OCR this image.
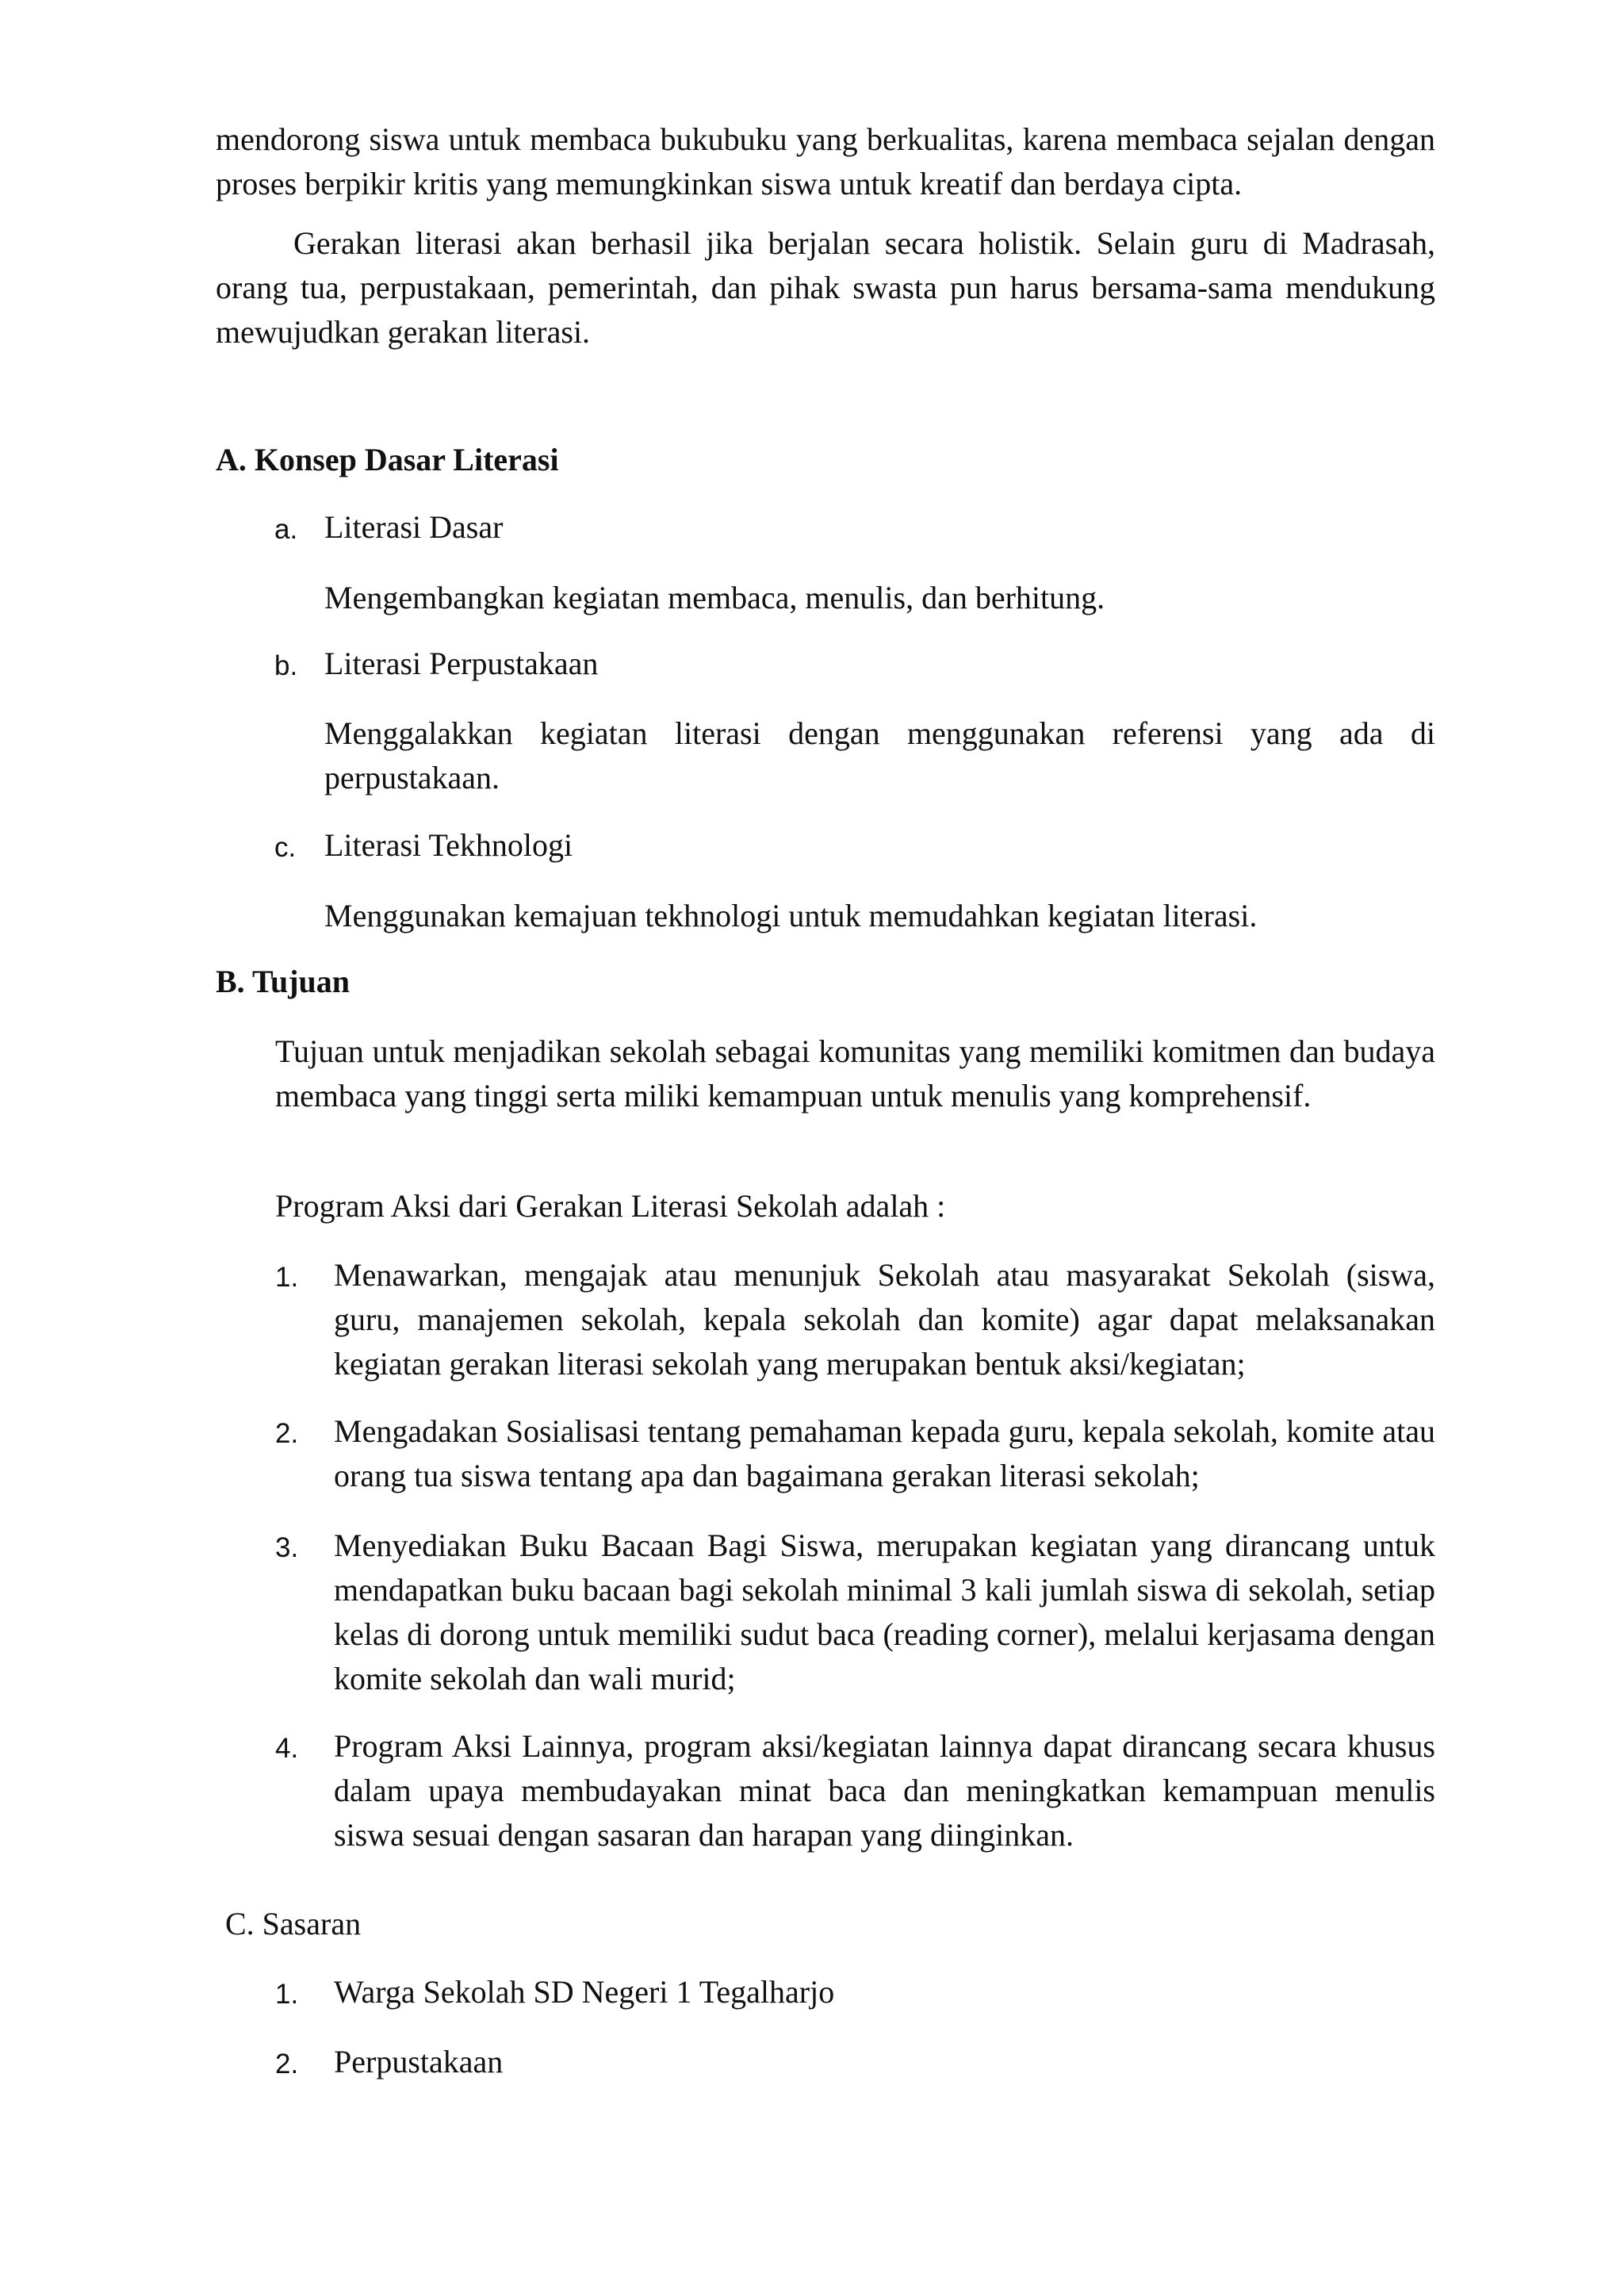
mendorong siswa untuk membaca bukubuku yang berkualitas, karena membaca sejalan dengan proses berpikir kritis yang memungkinkan siswa untuk kreatif dan berdaya cipta.

Gerakan literasi akan berhasil jika berjalan secara holistik. Selain guru di Madrasah, orang tua, perpustakaan, pemerintah, dan pihak swasta pun harus bersama-sama mendukung mewujudkan gerakan literasi.

A. Konsep Dasar Literasi

a. Literasi Dasar

Mengembangkan kegiatan membaca, menulis, dan berhitung.

b. Literasi Perpustakaan

Menggalakkan kegiatan literasi dengan menggunakan referensi yang ada di perpustakaan.

c. Literasi Tekhnologi

Menggunakan kemajuan tekhnologi untuk memudahkan kegiatan literasi.

B. Tujuan

Tujuan untuk menjadikan sekolah sebagai komunitas yang memiliki komitmen dan budaya membaca yang tinggi serta miliki kemampuan untuk menulis yang komprehensif.

Program Aksi dari Gerakan Literasi Sekolah adalah :

1. Menawarkan, mengajak atau menunjuk Sekolah atau masyarakat Sekolah (siswa, guru, manajemen sekolah, kepala sekolah dan komite) agar dapat melaksanakan kegiatan gerakan literasi sekolah yang merupakan bentuk aksi/kegiatan;

2. Mengadakan Sosialisasi tentang pemahaman kepada guru, kepala sekolah, komite atau orang tua siswa tentang apa dan bagaimana gerakan literasi sekolah;

3. Menyediakan Buku Bacaan Bagi Siswa, merupakan kegiatan yang dirancang untuk mendapatkan buku bacaan bagi sekolah minimal 3 kali jumlah siswa di sekolah, setiap kelas di dorong untuk memiliki sudut baca (reading corner), melalui kerjasama dengan komite sekolah dan wali murid;

4. Program Aksi Lainnya, program aksi/kegiatan lainnya dapat dirancang secara khusus dalam upaya membudayakan minat baca dan meningkatkan kemampuan menulis siswa sesuai dengan sasaran dan harapan yang diinginkan.

C. Sasaran

1. Warga Sekolah SD Negeri 1 Tegalharjo

2. Perpustakaan
